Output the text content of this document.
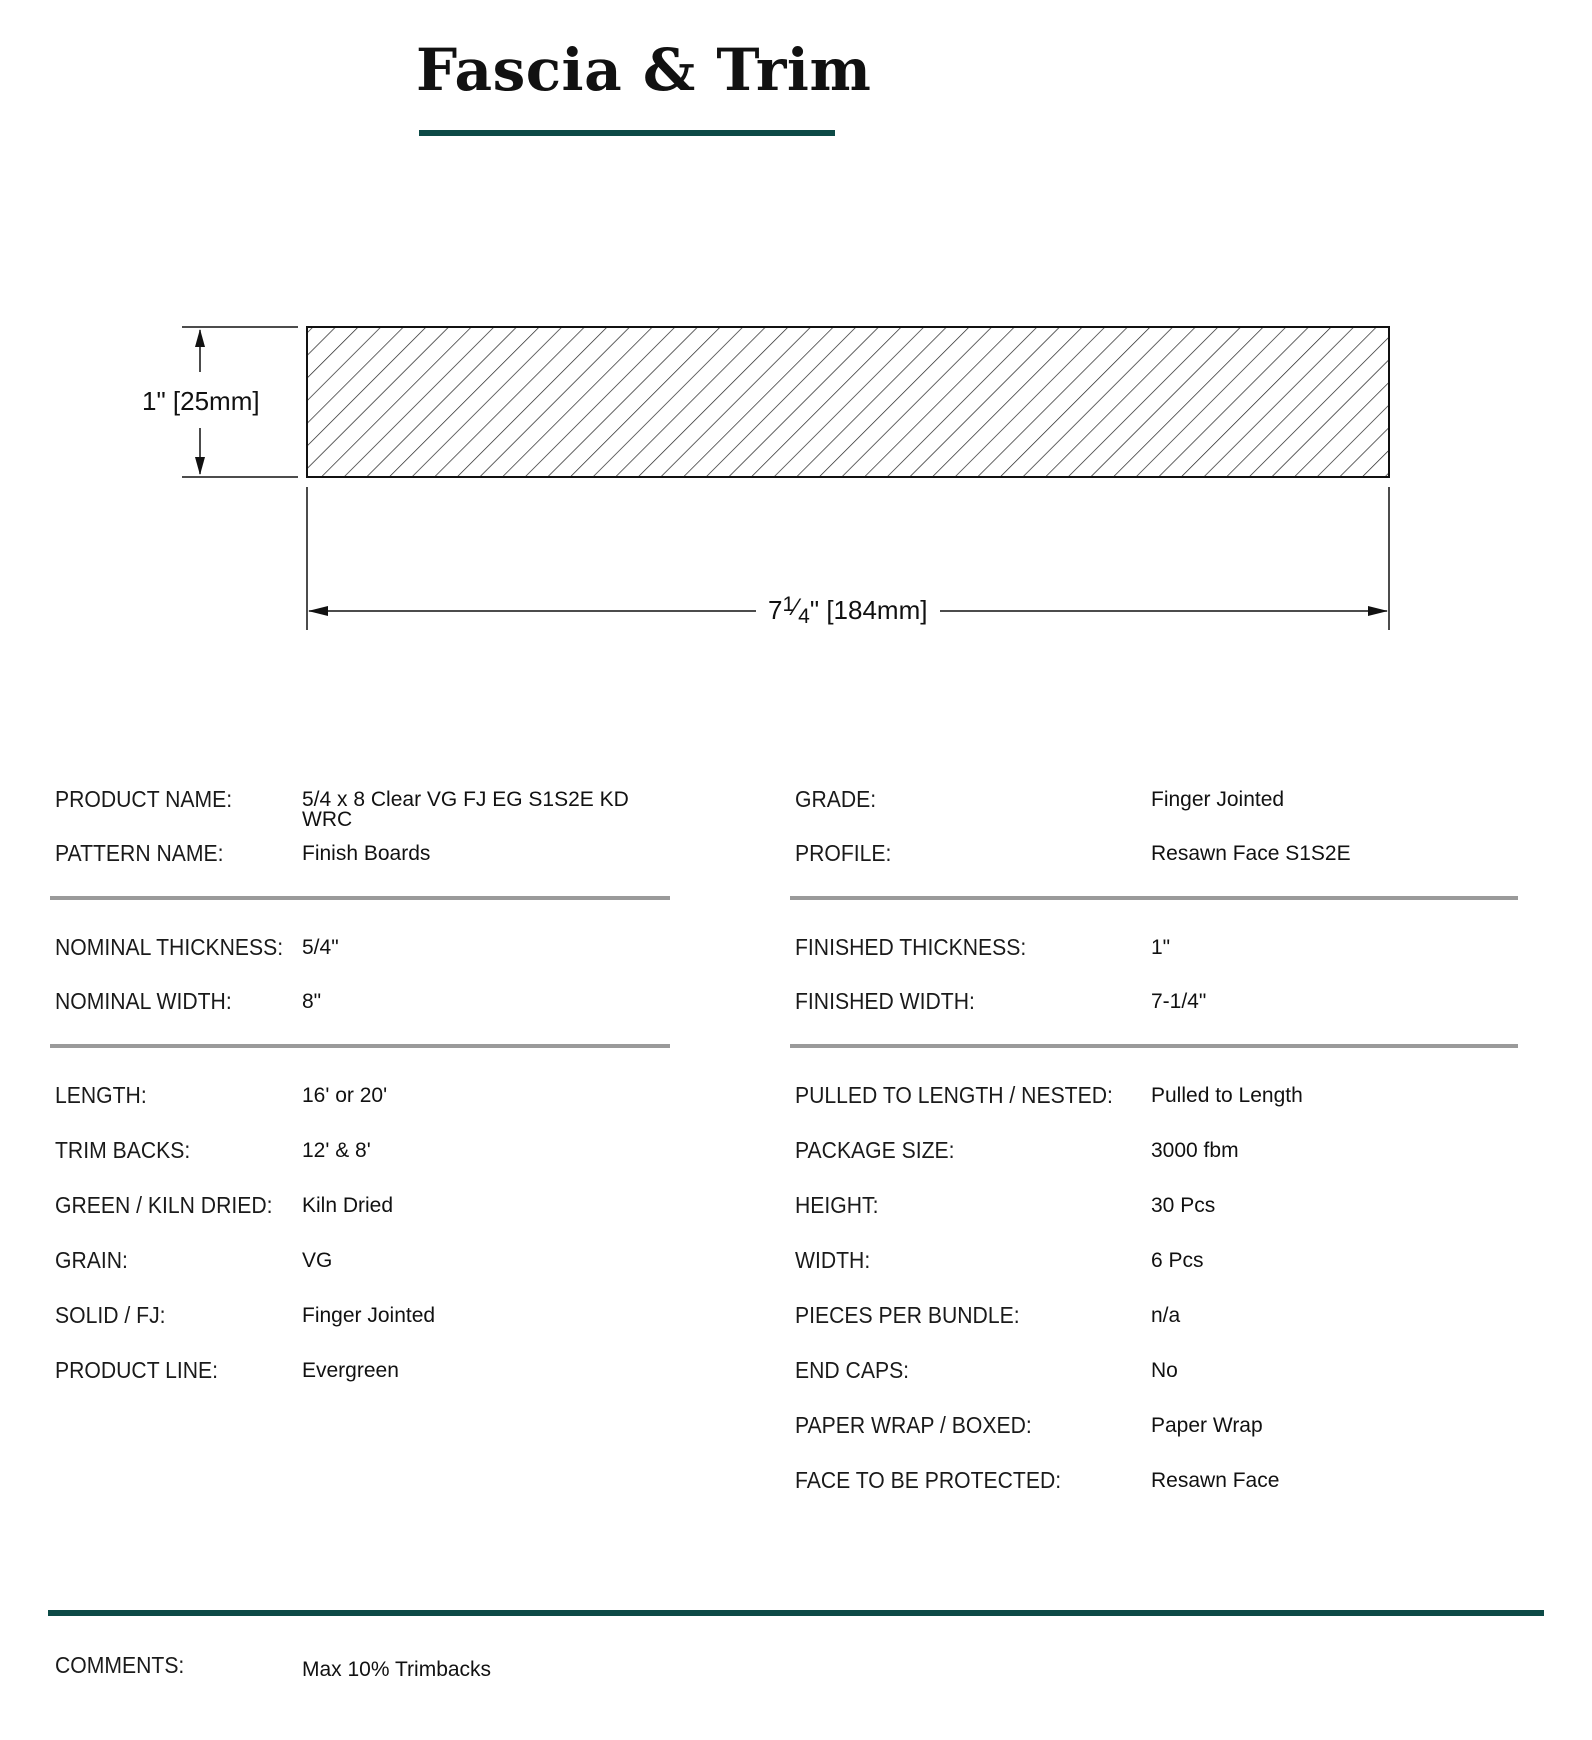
Fascia & Trim
1" [25mm]
$7^1⁄_4$" [184mm]
PRODUCT NAME:	5/4 x 8 Clear VG FJ EG S1S2E KD
WRC
PATTERN NAME:	Finish Boards
GRADE:	Finger Jointed
PROFILE:	Resawn Face S1S2E
NOMINAL THICKNESS: 5/4"
NOMINAL WIDTH:	8"
FINISHED THICKNESS:	1"
FINISHED WIDTH:	7-1/4"
LENGTH:	16' or 20'
TRIM BACKS:	12' & 8'
GREEN / KILN DRIED: Kiln Dried
GRAIN:	VG
SOLID / FJ:	Finger Jointed
PRODUCT LINE:	Evergreen
PULLED TO LENGTH / NESTED: Pulled to Length
PACKAGE SIZE:	3000 fbm
HEIGHT:	30 Pcs
WIDTH:	6 Pcs
PIECES PER BUNDLE:	n/a
END CAPS:	No
PAPER WRAP / BOXED:	Paper Wrap
FACE TO BE PROTECTED:	Resawn Face
COMMENTS:	Max 10% Trimbacks
